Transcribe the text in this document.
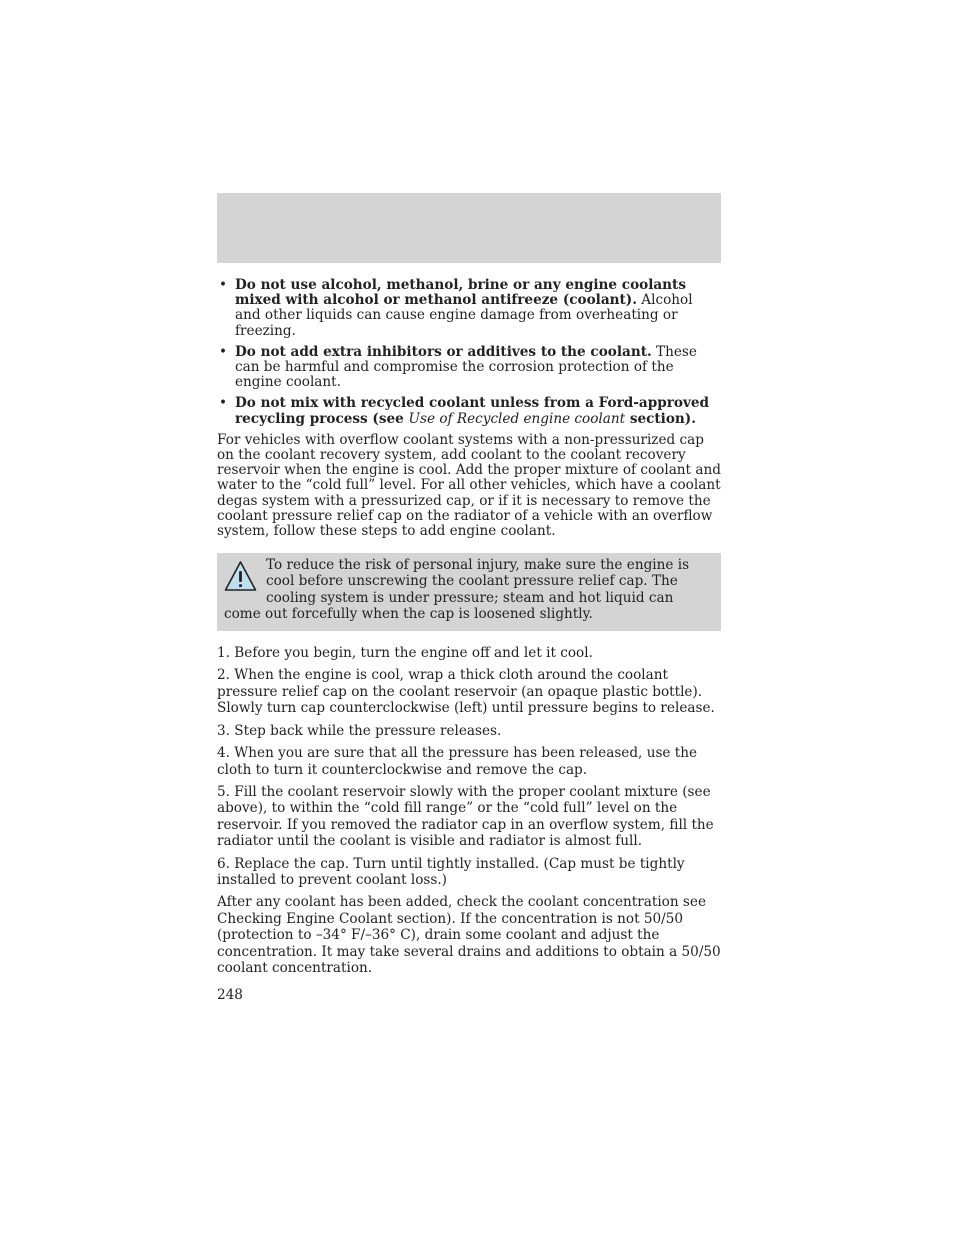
• Do not use alcohol, methanol, brine or any engine coolants mixed with alcohol or methanol antifreeze (coolant). Alcohol and other liquids can cause engine damage from overheating or freezing.
• Do not add extra inhibitors or additives to the coolant. These can be harmful and compromise the corrosion protection of the engine coolant.
• Do not mix with recycled coolant unless from a Ford-approved recycling process (see Use of Recycled engine coolant section).

For vehicles with overflow coolant systems with a non-pressurized cap on the coolant recovery system, add coolant to the coolant recovery reservoir when the engine is cool. Add the proper mixture of coolant and water to the “cold full” level. For all other vehicles, which have a coolant degas system with a pressurized cap, or if it is necessary to remove the coolant pressure relief cap on the radiator of a vehicle with an overflow system, follow these steps to add engine coolant.

To reduce the risk of personal injury, make sure the engine is cool before unscrewing the coolant pressure relief cap. The cooling system is under pressure; steam and hot liquid can come out forcefully when the cap is loosened slightly.

1. Before you begin, turn the engine off and let it cool.

2. When the engine is cool, wrap a thick cloth around the coolant pressure relief cap on the coolant reservoir (an opaque plastic bottle). Slowly turn cap counterclockwise (left) until pressure begins to release.

3. Step back while the pressure releases.

4. When you are sure that all the pressure has been released, use the cloth to turn it counterclockwise and remove the cap.

5. Fill the coolant reservoir slowly with the proper coolant mixture (see above), to within the “cold fill range” or the “cold full” level on the reservoir. If you removed the radiator cap in an overflow system, fill the radiator until the coolant is visible and radiator is almost full.

6. Replace the cap. Turn until tightly installed. (Cap must be tightly installed to prevent coolant loss.)

After any coolant has been added, check the coolant concentration see Checking Engine Coolant section). If the concentration is not 50/50 (protection to –34° F/–36° C), drain some coolant and adjust the concentration. It may take several drains and additions to obtain a 50/50 coolant concentration.

248
